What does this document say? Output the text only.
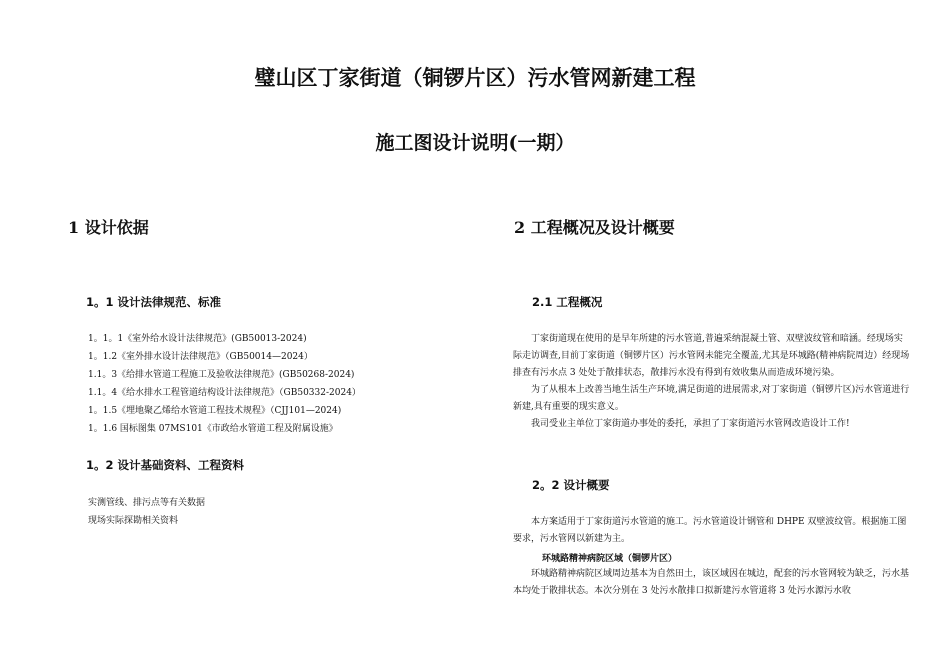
璧山区丁家街道（铜锣片区）污水管网新建工程
施工图设计说明(一期）
1 设计依据
1。1 设计法律规范、标准
1。1。1《室外给水设计法律规范》(GB50013-2024)
1。1.2《室外排水设计法律规范》（GB50014—2024）
1.1。3《给排水管道工程施工及验收法律规范》(GB50268-2024)
1.1。4《给水排水工程管道结构设计法律规范》（GB50332-2024）
1。1.5《埋地聚乙烯给水管道工程技术规程》（CJJ101—2024)
1。1.6 国标图集 07MS101《市政给水管道工程及附属设施》
1。2 设计基础资料、工程资料
实测管线、排污点等有关数据
现场实际探勘相关资料
2 工程概况及设计概要
2.1 工程概况

丁家街道现在使用的是早年所建的污水管道,普遍采纳混凝土管、双壁波纹管和暗涵。经现场实际走访调查,目前丁家街道（铜锣片区）污水管网未能完全覆盖,尤其是环城路(精神病院周边）经现场排查有污水点 3 处处于散排状态，散排污水没有得到有效收集从而造成环境污染。

为了从根本上改善当地生活生产环境,满足街道的进展需求,对丁家街道（铜锣片区)污水管道进行新建,具有重要的现实意义。

我司受业主单位丁家街道办事处的委托，承担了丁家街道污水管网改造设计工作!

2。2 设计概要

本方案适用于丁家街道污水管道的施工。污水管道设计钢管和 DHPE 双壁波纹管。根据施工图要求，污水管网以新建为主。

环城路精神病院区域（铜锣片区）

环城路精神病院区域周边基本为自然田土，该区域因在城边，配套的污水管网较为缺乏，污水基本均处于散排状态。本次分别在 3 处污水散排口拟新建污水管道将 3 处污水源污水收
